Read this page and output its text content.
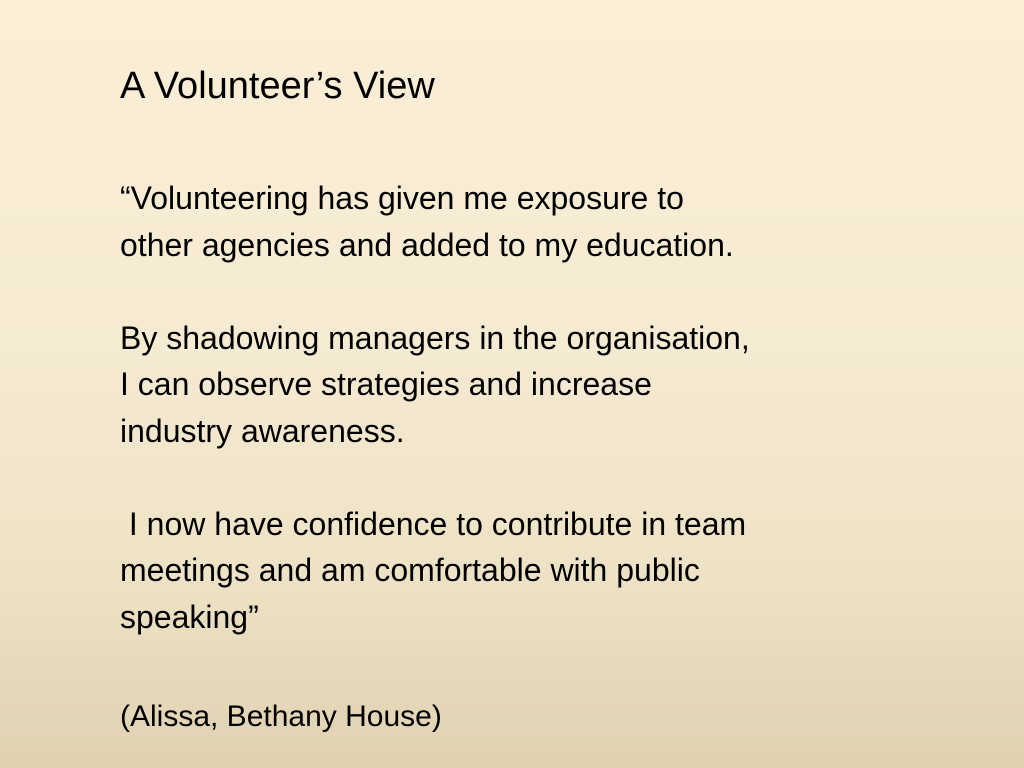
A Volunteer’s View
“Volunteering has given me exposure to
other agencies and added to my education.
By shadowing managers in the organisation,
I can observe strategies and increase
industry awareness.
I now have confidence to contribute in team
meetings and am comfortable with public
speaking”
(Alissa, Bethany House)
